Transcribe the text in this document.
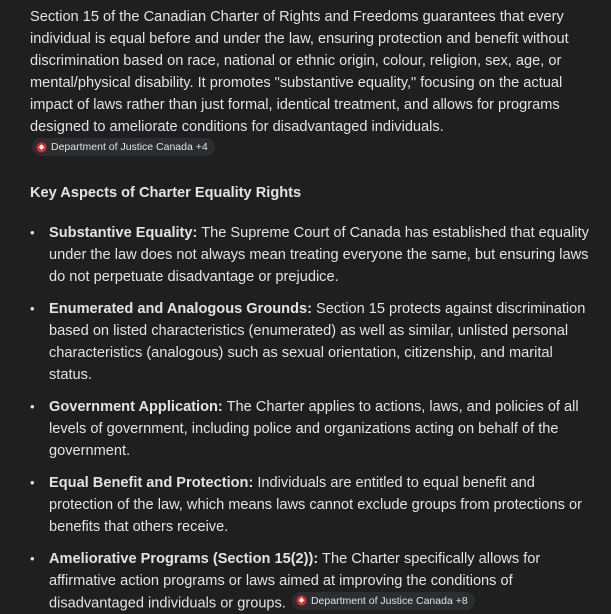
Section 15 of the Canadian Charter of Rights and Freedoms guarantees that every individual is equal before and under the law, ensuring protection and benefit without discrimination based on race, national or ethnic origin, colour, religion, sex, age, or mental/physical disability. It promotes "substantive equality," focusing on the actual impact of laws rather than just formal, identical treatment, and allows for programs designed to ameliorate conditions for disadvantaged individuals.
Department of Justice Canada +4

Key Aspects of Charter Equality Rights

• Substantive Equality: The Supreme Court of Canada has established that equality under the law does not always mean treating everyone the same, but ensuring laws do not perpetuate disadvantage or prejudice.
• Enumerated and Analogous Grounds: Section 15 protects against discrimination based on listed characteristics (enumerated) as well as similar, unlisted personal characteristics (analogous) such as sexual orientation, citizenship, and marital status.
• Government Application: The Charter applies to actions, laws, and policies of all levels of government, including police and organizations acting on behalf of the government.
• Equal Benefit and Protection: Individuals are entitled to equal benefit and protection of the law, which means laws cannot exclude groups from protections or benefits that others receive.
• Ameliorative Programs (Section 15(2)): The Charter specifically allows for affirmative action programs or laws aimed at improving the conditions of disadvantaged individuals or groups. Department of Justice Canada +8
